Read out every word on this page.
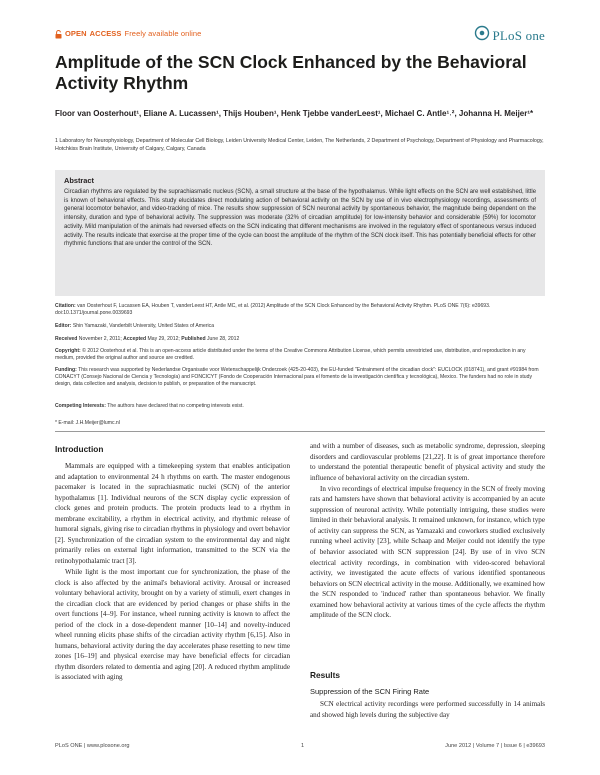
OPEN ACCESS Freely available online	PLoS one
Amplitude of the SCN Clock Enhanced by the Behavioral Activity Rhythm
Floor van Oosterhout¹, Eliane A. Lucassen¹, Thijs Houben¹, Henk Tjebbe vanderLeest¹, Michael C. Antle¹˒², Johanna H. Meijer¹*
1 Laboratory for Neurophysiology, Department of Molecular Cell Biology, Leiden University Medical Center, Leiden, The Netherlands, 2 Department of Psychology, Department of Physiology and Pharmacology, Hotchkiss Brain Institute, University of Calgary, Calgary, Canada
Abstract
Circadian rhythms are regulated by the suprachiasmatic nucleus (SCN), a small structure at the base of the hypothalamus. While light effects on the SCN are well established, little is known of behavioral effects. This study elucidates direct modulating action of behavioral activity on the SCN by use of in vivo electrophysiology recordings, assessments of general locomotor behavior, and video-tracking of mice. The results show suppression of SCN neuronal activity by spontaneous behavior, the magnitude being dependent on the intensity, duration and type of behavioral activity. The suppression was moderate (32% of circadian amplitude) for low-intensity behavior and considerable (59%) for locomotor activity. Mild manipulation of the animals had reversed effects on the SCN indicating that different mechanisms are involved in the regulatory effect of spontaneous versus induced activity. The results indicate that exercise at the proper time of the cycle can boost the amplitude of the rhythm of the SCN clock itself. This has potentially beneficial effects for other rhythmic functions that are under the control of the SCN.
Citation: van Oosterhout F, Lucassen EA, Houben T, vanderLeest HT, Antle MC, et al. (2012) Amplitude of the SCN Clock Enhanced by the Behavioral Activity Rhythm. PLoS ONE 7(6): e39693. doi:10.1371/journal.pone.0039693
Editor: Shin Yamazaki, Vanderbilt University, United States of America
Received November 2, 2011; Accepted May 29, 2012; Published June 28, 2012
Copyright: © 2012 Oosterhout et al. This is an open-access article distributed under the terms of the Creative Commons Attribution License, which permits unrestricted use, distribution, and reproduction in any medium, provided the original author and source are credited.
Funding: This research was supported by Nederlandse Organisatie voor Wetenschappelijk Onderzoek (425-20-403), the EU-funded "Entrainment of the circadian clock": EUCLOCK (018741), and grant #91984 from CONACYT (Consejo Nacional de Ciencia y Tecnología) and FONCICYT (Fondo de Cooperación Internacional para el fomento de la investigación científica y tecnológica), Mexico. The funders had no role in study design, data collection and analysis, decision to publish, or preparation of the manuscript.
Competing Interests: The authors have declared that no competing interests exist.
* E-mail: J.H.Meijer@lumc.nl
Introduction

Mammals are equipped with a timekeeping system that enables anticipation and adaptation to environmental 24 h rhythms on earth. The master endogenous pacemaker is located in the suprachiasmatic nuclei (SCN) of the anterior hypothalamus [1]. Individual neurons of the SCN display cyclic expression of clock genes and protein products. The protein products lead to a rhythm in membrane excitability, a rhythm in electrical activity, and rhythmic release of humoral signals, giving rise to circadian rhythms in physiology and overt behavior [2]. Synchronization of the circadian system to the environmental day and night primarily relies on external light information, transmitted to the SCN via the retinohypothalamic tract [3].

While light is the most important cue for synchronization, the phase of the clock is also affected by the animal's behavioral activity. Arousal or increased voluntary behavioral activity, brought on by a variety of stimuli, exert changes in the circadian clock that are evidenced by period changes or phase shifts in the overt functions [4–9]. For instance, wheel running activity is known to affect the period of the clock in a dose-dependent manner [10–14] and novelty-induced wheel running elicits phase shifts of the circadian activity rhythm [6,15]. Also in humans, behavioral activity during the day accelerates phase resetting to new time zones [16–19] and physical exercise may have beneficial effects for circadian rhythm disorders related to dementia and aging [20]. A reduced rhythm amplitude is associated with aging

and with a number of diseases, such as metabolic syndrome, depression, sleeping disorders and cardiovascular problems [21,22]. It is of great importance therefore to understand the potential therapeutic benefit of physical activity and study the influence of behavioral activity on the circadian system.

In vivo recordings of electrical impulse frequency in the SCN of freely moving rats and hamsters have shown that behavioral activity is accompanied by an acute suppression of neuronal activity. While potentially intriguing, these studies were limited in their behavioral analysis. It remained unknown, for instance, which type of activity can suppress the SCN, as Yamazaki and coworkers studied exclusively running wheel activity [23], while Schaap and Meijer could not identify the type of behavior associated with SCN suppression [24]. By use of in vivo SCN electrical activity recordings, in combination with video-scored behavioral activity, we investigated the acute effects of various identified spontaneous behaviors on SCN electrical activity in the mouse. Additionally, we examined how the SCN responded to 'induced' rather than spontaneous behavior. We finally examined how behavioral activity at various times of the cycle affects the rhythm amplitude of the SCN clock.

Results
Suppression of the SCN Firing Rate

SCN electrical activity recordings were performed successfully in 14 animals and showed high levels during the subjective day

PLoS ONE | www.plosone.org	1	June 2012 | Volume 7 | Issue 6 | e39693
